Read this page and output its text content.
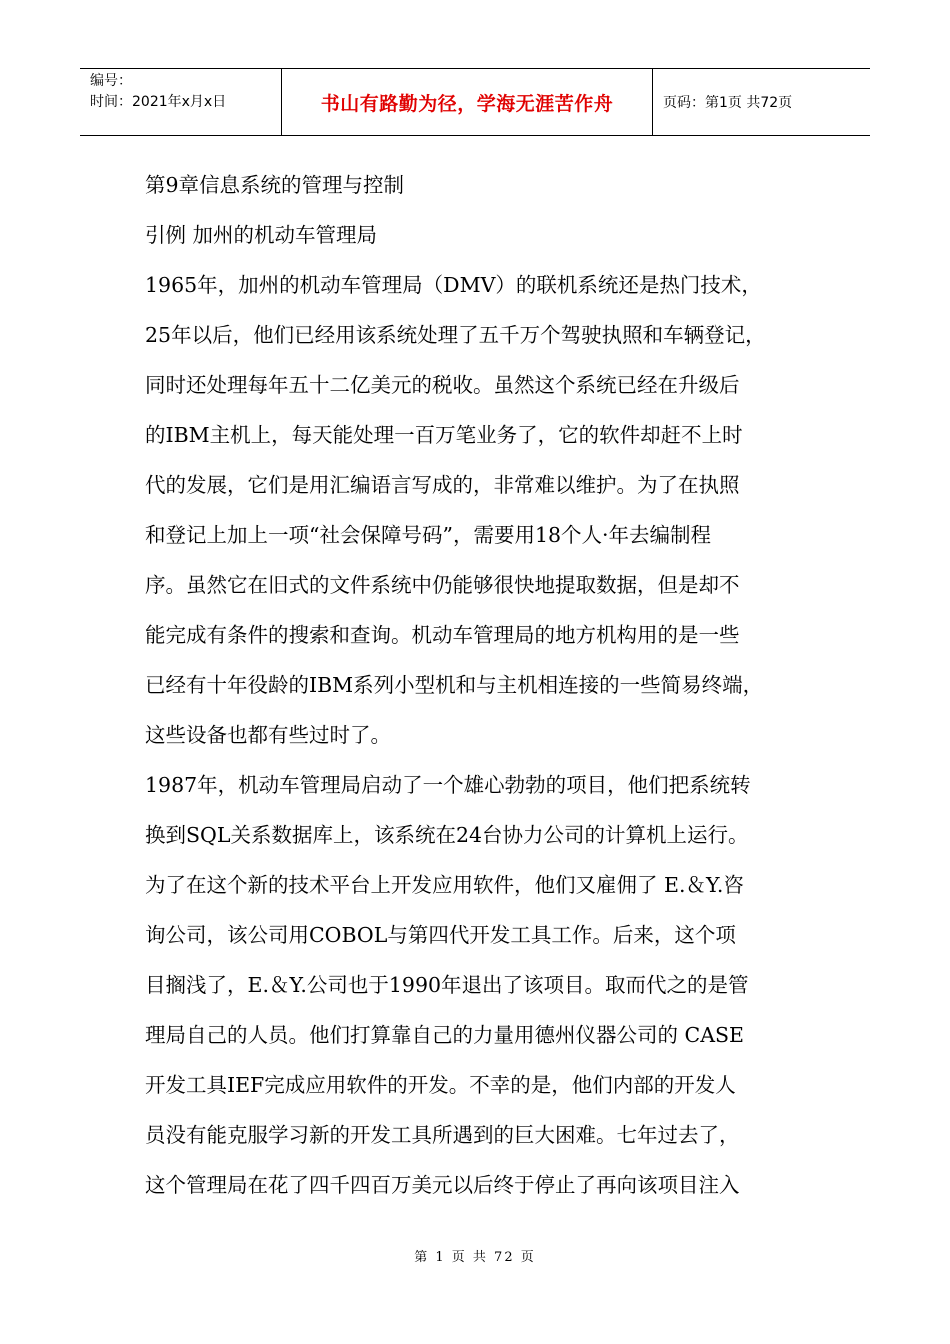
编号：
时间：2021年x月x日	书山有路勤为径，学海无涯苦作舟	页码：第1页 共72页
第9章信息系统的管理与控制
引例 加州的机动车管理局
1965年，加州的机动车管理局（DMV）的联机系统还是热门技术，
25年以后，他们已经用该系统处理了五千万个驾驶执照和车辆登记，
同时还处理每年五十二亿美元的税收。虽然这个系统已经在升级后
的IBM主机上，每天能处理一百万笔业务了，它的软件却赶不上时
代的发展，它们是用汇编语言写成的，非常难以维护。为了在执照
和登记上加上一项“社会保障号码”，需要用18个人·年去编制程
序。虽然它在旧式的文件系统中仍能够很快地提取数据，但是却不
能完成有条件的搜索和查询。机动车管理局的地方机构用的是一些
已经有十年役龄的IBM系列小型机和与主机相连接的一些简易终端，
这些设备也都有些过时了。
1987年，机动车管理局启动了一个雄心勃勃的项目，他们把系统转
换到SQL关系数据库上，该系统在24台协力公司的计算机上运行。
为了在这个新的技术平台上开发应用软件，他们又雇佣了 E.＆Y.咨
询公司，该公司用COBOL与第四代开发工具工作。后来，这个项
目搁浅了，E.＆Y.公司也于1990年退出了该项目。取而代之的是管
理局自己的人员。他们打算靠自己的力量用德州仪器公司的 CASE
开发工具IEF完成应用软件的开发。不幸的是，他们内部的开发人
员没有能克服学习新的开发工具所遇到的巨大困难。七年过去了，
这个管理局在花了四千四百万美元以后终于停止了再向该项目注入
第 1 页 共 72 页
